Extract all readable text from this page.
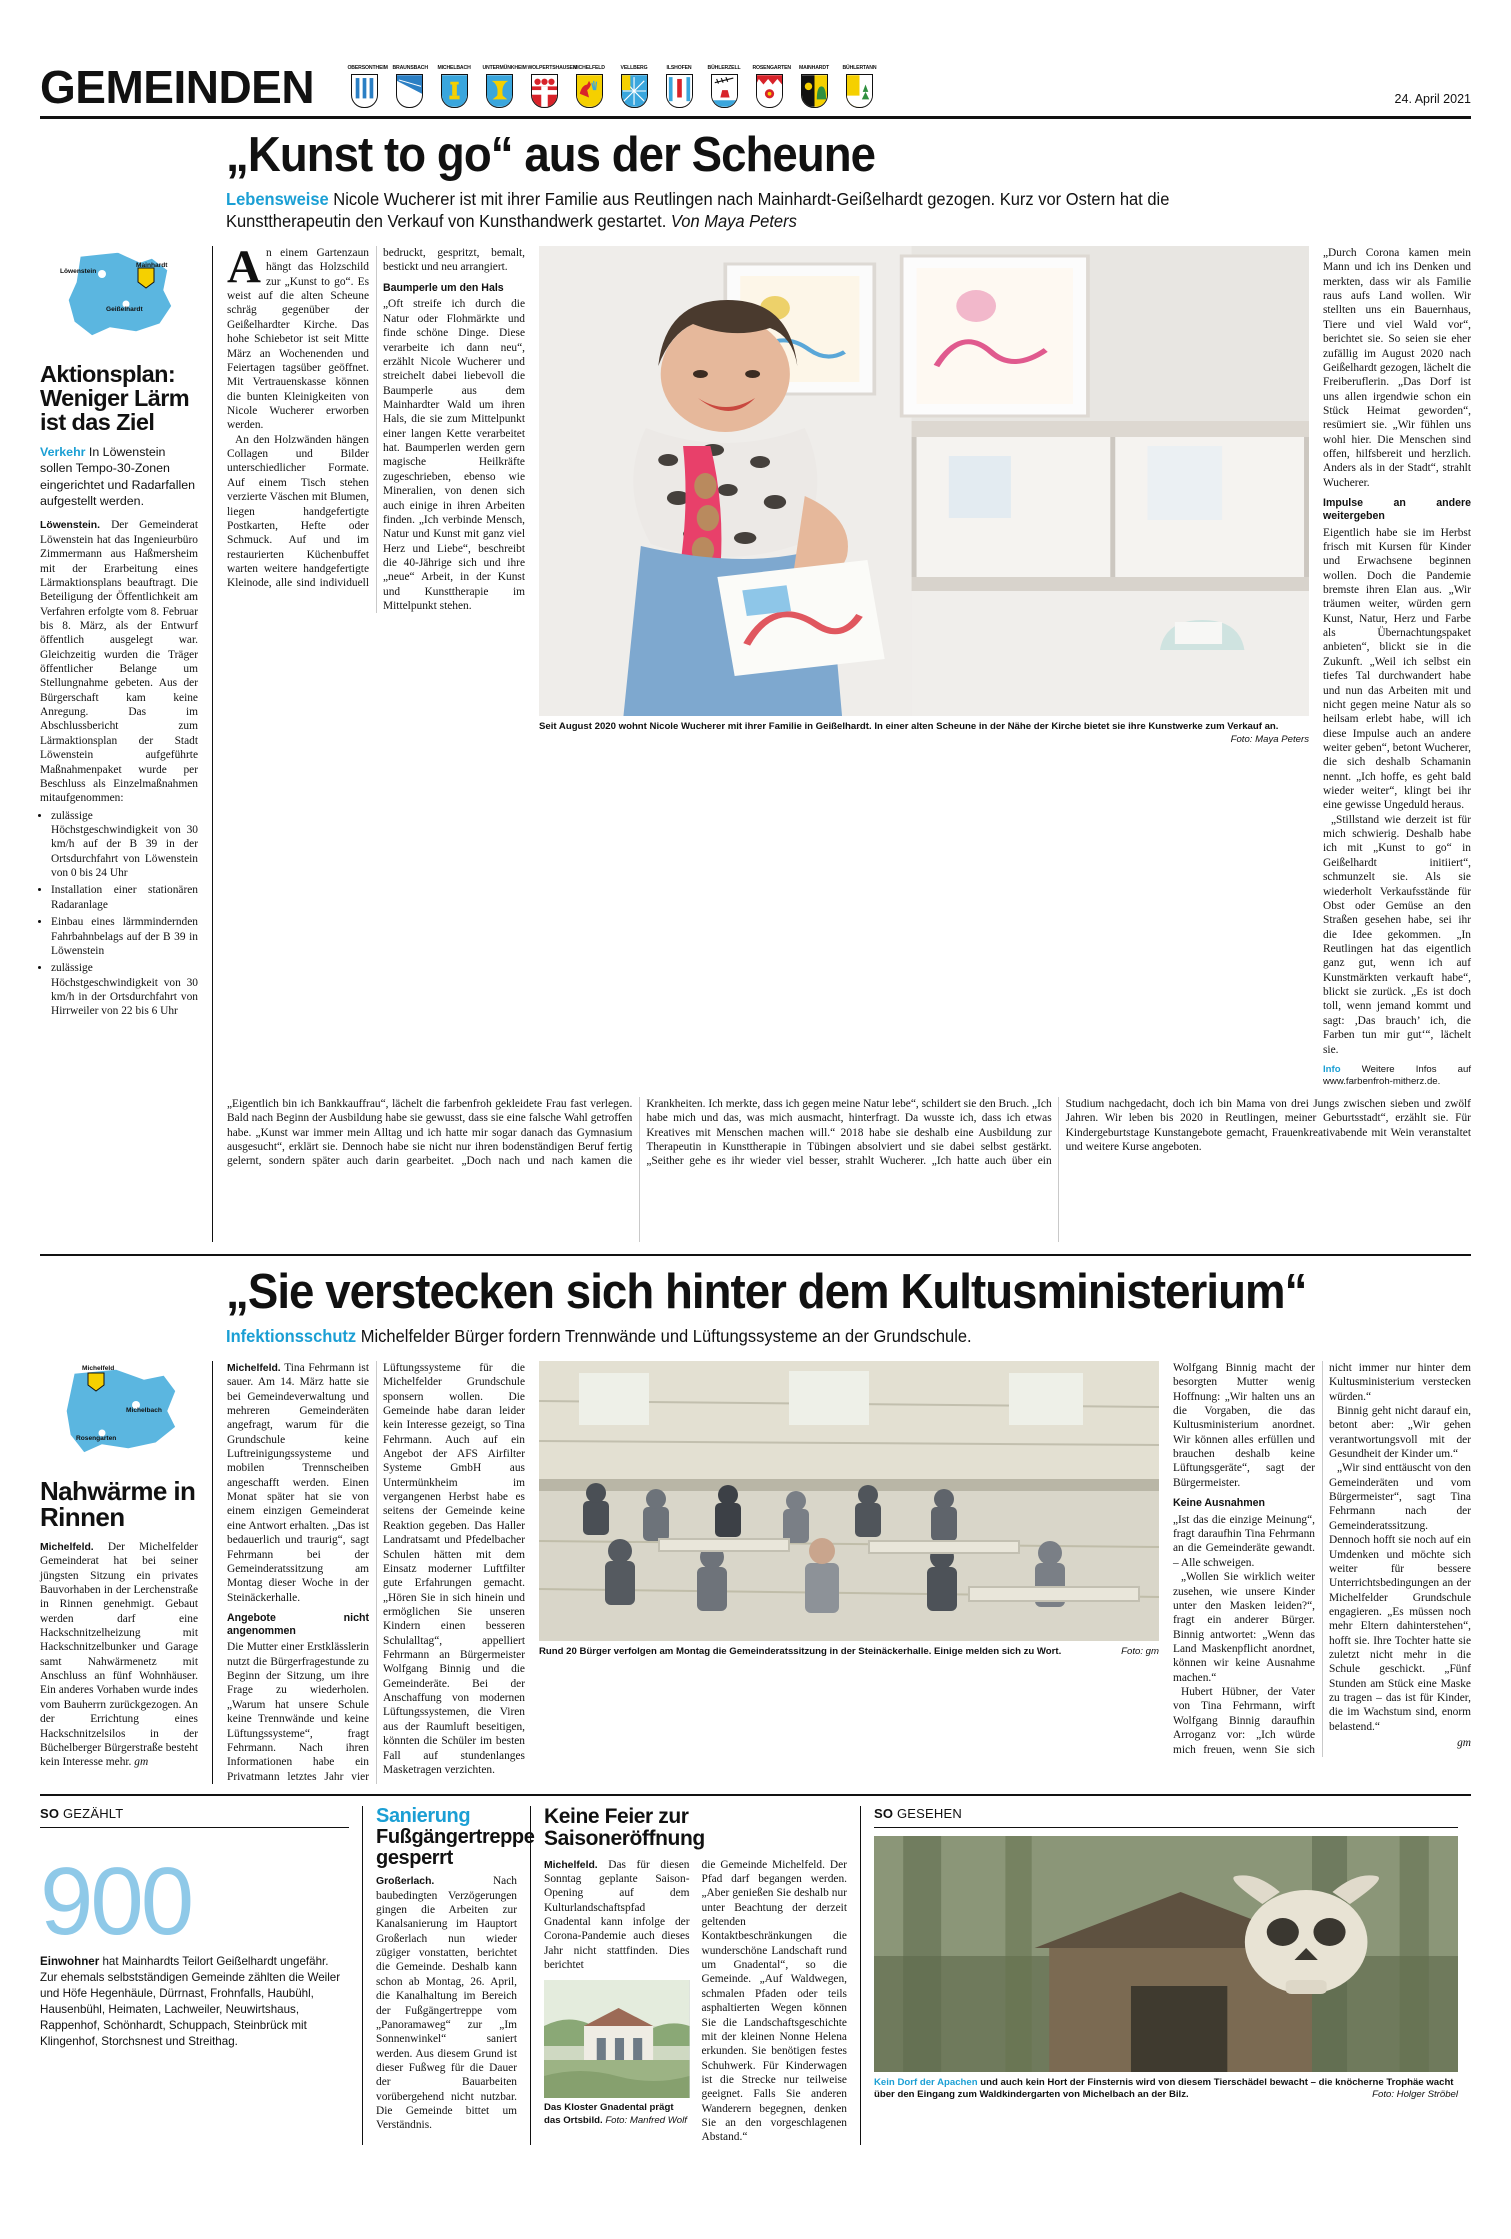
GEMEINDEN	OBERSONTHEIM BRAUNSBACH MICHELBACH UNTERMÜNKHEIM WOLPERTSHAUSEN
MICHELFELD	VELLBERG	ILSHOFEN	BÜHLERZELL ROSENGARTEN MAINHARDT BÜHLERTANN
24. April 2021
„Kunst to go“ aus der Scheune
Lebensweise Nicole Wucherer ist mit ihrer Familie aus Reutlingen nach Mainhardt-Geißelhardt gezogen. Kurz vor Ostern hat die Kunsttherapeutin den Verkauf von Kunsthandwerk gestartet. Von Maya Peters
Löwenstein
Mainhardt
Geißelhardt
Aktionsplan: Weniger Lärm ist das Ziel
Verkehr In Löwenstein sollen Tempo-30-Zonen eingerichtet und Radarfallen aufgestellt werden.

Löwenstein. Der Gemeinderat Löwenstein hat das Ingenieurbüro Zimmermann aus Haßmersheim mit der Erarbeitung eines Lärmaktionsplans beauftragt. Die Beteiligung der Öffentlichkeit am Verfahren erfolgte vom 8. Februar bis 8. März, als der Entwurf öffentlich ausgelegt war. Gleichzeitig wurden die Träger öffentlicher Belange um Stellungnahme gebeten. Aus der Bürgerschaft kam keine Anregung. Das im Abschlussbericht zum Lärmaktionsplan der Stadt Löwenstein aufgeführte Maßnahmenpaket wurde per Beschluss als Einzelmaßnahmen mitaufgenommen:

• zulässige Höchstgeschwindigkeit von 30 km/h auf der B 39 in der Ortsdurchfahrt von Löwenstein von 0 bis 24 Uhr
• Installation einer stationären Radaranlage
• Einbau eines lärmmindernden Fahrbahnbelags auf der B 39 in Löwenstein
• zulässige Höchstgeschwindigkeit von 30 km/h in der Ortsdurchfahrt von Hirrweiler von 22 bis 6 Uhr

An einem Gartenzaun hängt das Holzschild zur „Kunst to go“. Es weist auf die alten Scheune schräg gegenüber der Geißelhardter Kirche. Das hohe Schiebetor ist seit Mitte März an Wochenenden und Feiertagen tagsüber geöffnet. Mit Vertrauenskasse können die bunten Kleinigkeiten von Nicole Wucherer erworben werden.

An den Holzwänden hängen Collagen und Bilder unterschiedlicher Formate. Auf einem Tisch stehen verzierte Väschen mit Blumen, liegen handgefertigte Postkarten, Hefte oder Schmuck. Auf und im restaurierten Küchenbuffet warten weitere handgefertigte Kleinode, alle sind individuell bedruckt, gespritzt, bemalt, bestickt und neu arrangiert.

Baumperle um den Hals

„Oft streife ich durch die Natur oder Flohmärkte und finde schöne Dinge. Diese verarbeite ich dann neu“, erzählt Nicole Wucherer und streichelt dabei liebevoll die Baumperle aus dem Mainhardter Wald um ihren Hals, die sie zum Mittelpunkt einer langen Kette verarbeitet hat. Baumperlen werden gern magische Heilkräfte zugeschrieben, ebenso wie Mineralien, von denen sich auch einige in ihren Arbeiten finden. „Ich verbinde Mensch, Natur und Kunst mit ganz viel Herz und Liebe“, beschreibt die 40-Jährige sich und ihre „neue“ Arbeit, in der Kunst und Kunsttherapie im Mittelpunkt stehen.

Seit August 2020 wohnt Nicole Wucherer mit ihrer Familie in Geißelhardt. In einer alten Scheune in der Nähe der Kirche bietet sie ihre Kunstwerke zum Verkauf an.
Foto: Maya Peters

„Durch Corona kamen mein Mann und ich ins Denken und merkten, dass wir als Familie raus aufs Land wollen. Wir stellten uns ein Bauernhaus, Tiere und viel Wald vor“, berichtet sie. So seien sie eher zufällig im August 2020 nach Geißelhardt gezogen, lächelt die Freiberuflerin. „Das Dorf ist uns allen irgendwie schon ein Stück Heimat geworden“, resümiert sie. „Wir fühlen uns wohl hier. Die Menschen sind offen, hilfsbereit und herzlich. Anders als in der Stadt“, strahlt Wucherer.

Impulse an andere weitergeben

Eigentlich habe sie im Herbst frisch mit Kursen für Kinder und Erwachsene beginnen wollen. Doch die Pandemie bremste ihren Elan aus. „Wir träumen weiter, würden gern Kunst, Natur, Herz und Farbe als Übernachtungspaket anbieten“, blickt sie in die Zukunft. „Weil ich selbst ein tiefes Tal durchwandert habe und nun das Arbeiten mit und nicht gegen meine Natur als so heilsam erlebt habe, will ich diese Impulse auch an andere weiter geben“, betont Wucherer, die sich deshalb Schamanin nennt. „Ich hoffe, es geht bald wieder weiter“, klingt bei ihr eine gewisse Ungeduld heraus.

„Stillstand wie derzeit ist für mich schwierig. Deshalb habe ich mit „Kunst to go“ in Geißelhardt initiiert“, schmunzelt sie. Als sie wiederholt Verkaufsstände für Obst oder Gemüse an den Straßen gesehen habe, sei ihr die Idee gekommen. „In Reutlingen hat das eigentlich ganz gut, wenn ich auf Kunstmärkten verkauft habe“, blickt sie zurück. „Es ist doch toll, wenn jemand kommt und sagt: ,Das brauch’ ich, die Farben tun mir gut‘“, lächelt sie.

Info Weitere Infos auf www.farbenfroh-mitherz.de.

„Eigentlich bin ich Bankkauffrau“, lächelt die farbenfroh gekleidete Frau fast verlegen. Bald nach Beginn der Ausbildung habe sie gewusst, dass sie eine falsche Wahl getroffen habe. „Kunst war immer mein Alltag und ich hatte mir sogar danach das Gymnasium ausgesucht“, erklärt sie. Dennoch habe sie nicht nur ihren bodenständigen Beruf fertig gelernt, sondern später auch darin gearbeitet. „Doch nach und nach kamen die Krankheiten. Ich merkte, dass ich gegen meine Natur lebe“, schildert sie den Bruch. „Ich habe mich und das, was mich ausmacht, hinterfragt. Da wusste ich, dass ich etwas Kreatives mit Menschen machen will.“ 2018 habe sie deshalb eine Ausbildung zur Therapeutin in Kunsttherapie in Tübingen absolviert und sie dabei selbst gestärkt. „Seither gehe es ihr wieder viel besser, strahlt Wucherer. „Ich hatte auch über ein Studium nachgedacht, doch ich bin Mama von drei Jungs zwischen sieben und zwölf Jahren. Wir leben bis 2020 in Reutlingen, meiner Geburtsstadt“, erzählt sie. Für Kindergeburtstage Kunstangebote gemacht, Frauenkreativabende mit Wein veranstaltet und weitere Kurse angeboten.

„Sie verstecken sich hinter dem Kultusministerium“
Infektionsschutz Michelfelder Bürger fordern Trennwände und Lüftungssysteme an der Grundschule.
Michelfeld
Michelbach
Rosengarten
Nahwärme in Rinnen

Michelfeld. Der Michelfelder Gemeinderat hat bei seiner jüngsten Sitzung ein privates Bauvorhaben in der Lerchenstraße in Rinnen genehmigt. Gebaut werden darf eine Hackschnitzelheizung mit Hackschnitzelbunker und Garage samt Nahwärmenetz mit Anschluss an fünf Wohnhäuser. Ein anderes Vorhaben wurde indes vom Bauherrn zurückgezogen. An der Errichtung eines Hackschnitzelsilos in der Büchelberger Bürgerstraße besteht kein Interesse mehr. gm

Michelfeld. Tina Fehrmann ist sauer. Am 14. März hatte sie bei Gemeindeverwaltung und mehreren Gemeinderäten angefragt, warum für die Grundschule keine Luftreinigungssysteme und mobilen Trennscheiben angeschafft werden. Einen Monat später hat sie von einem einzigen Gemeinderat eine Antwort erhalten. „Das ist bedauerlich und traurig“, sagt Fehrmann bei der Gemeinderatssitzung am Montag dieser Woche in der Steinäckerhalle.

Angebote nicht angenommen

Die Mutter einer Erstklässlerin nutzt die Bürgerfragestunde zu Beginn der Sitzung, um ihre Frage zu wiederholen. „Warum hat unsere Schule keine Trennwände und keine Lüftungssysteme“, fragt Fehrmann. Nach ihren Informationen habe ein Privatmann letztes Jahr vier Lüftungssysteme für die Michelfelder Grundschule sponsern wollen. Die Gemeinde habe daran leider kein Interesse gezeigt, so Tina Fehrmann. Auch auf ein Angebot der AFS Airfilter Systeme GmbH aus Untermünkheim im vergangenen Herbst habe es seitens der Gemeinde keine Reaktion gegeben. Das Haller Landratsamt und Pfedelbacher Schulen hätten mit dem Einsatz moderner Luftfilter gute Erfahrungen gemacht. „Hören Sie in sich hinein und ermöglichen Sie unseren Kindern einen besseren Schulalltag“, appelliert Fehrmann an Bürgermeister Wolfgang Binnig und die Gemeinderäte. Bei der Anschaffung von modernen Lüftungssystemen, die Viren aus der Raumluft beseitigen, könnten die Schüler im besten Fall auf stundenlanges Masketragen verzichten.

Rund 20 Bürger verfolgen am Montag die Gemeinderatssitzung in der Steinäckerhalle. Einige melden sich zu Wort.	Foto: gm

Wolfgang Binnig macht der besorgten Mutter wenig Hoffnung: „Wir halten uns an die Vorgaben, die das Kultusministerium anordnet. Wir können alles erfüllen und brauchen deshalb keine Lüftungsgeräte“, sagt der Bürgermeister.

Keine Ausnahmen

„Ist das die einzige Meinung“, fragt daraufhin Tina Fehrmann an die Gemeinderäte gewandt. – Alle schweigen.

„Wollen Sie wirklich weiter zusehen, wie unsere Kinder unter den Masken leiden?“, fragt ein anderer Bürger. Binnig antwortet: „Wenn das Land Maskenpflicht anordnet, können wir keine Ausnahme machen.“

Hubert Hübner, der Vater von Tina Fehrmann, wirft Wolfgang Binnig daraufhin Arroganz vor: „Ich würde mich freuen, wenn Sie sich nicht immer nur hinter dem Kultusministerium verstecken würden.“

Binnig geht nicht darauf ein, betont aber: „Wir gehen verantwortungsvoll mit der Gesundheit der Kinder um.“

„Wir sind enttäuscht von den Gemeinderäten und vom Bürgermeister“, sagt Tina Fehrmann nach der Gemeinderatssitzung. Dennoch hofft sie noch auf ein Umdenken und möchte sich weiter für bessere Unterrichtsbedingungen an der Michelfelder Grundschule engagieren. „Es müssen noch mehr Eltern dahinterstehen“, hofft sie. Ihre Tochter hatte sie zuletzt nicht mehr in die Schule geschickt. „Fünf Stunden am Stück eine Maske zu tragen – das ist für Kinder, die im Wachstum sind, enorm belastend.“

gm

SO GEZÄHLT
900
Einwohner hat Mainhardts Teilort Geißelhardt ungefähr. Zur ehemals selbstständigen Gemeinde zählten die Weiler und Höfe Hegenhäule, Dürrnast, Frohnfalls, Haubühl, Hausenbühl, Heimaten, Lachweiler, Neuwirtshaus, Rappenhof, Schönhardt, Schuppach, Steinbrück mit Klingenhof, Storchsnest und Streithag.
Sanierung
Fußgängertreppe gesperrt

Großerlach. Nach baubedingten Verzögerungen gingen die Arbeiten zur Kanalsanierung im Hauptort Großerlach nun wieder zügiger vonstatten, berichtet die Gemeinde. Deshalb kann schon ab Montag, 26. April, die Kanalhaltung im Bereich der Fußgängertreppe vom „Panoramaweg“ zur „Im Sonnenwinkel“ saniert werden. Aus diesem Grund ist dieser Fußweg für die Dauer der Bauarbeiten vorübergehend nicht nutzbar. Die Gemeinde bittet um Verständnis.

Keine Feier zur Saisoneröffnung

Michelfeld. Das für diesen Sonntag geplante Saison-Opening auf dem Kulturlandschaftspfad Gnadental kann infolge der Corona-Pandemie auch dieses Jahr nicht stattfinden. Dies berichtet

Das Kloster Gnadental prägt das Ortsbild. Foto: Manfred Wolf

die Gemeinde Michelfeld. Der Pfad darf begangen werden. „Aber genießen Sie deshalb nur unter Beachtung der derzeit geltenden Kontaktbeschränkungen die wunderschöne Landschaft rund um Gnadental“, so die Gemeinde. „Auf Waldwegen, schmalen Pfaden oder teils asphaltierten Wegen können Sie die Landschaftsgeschichte mit der kleinen Nonne Helena erkunden. Sie benötigen festes Schuhwerk. Für Kinderwagen ist die Strecke nur teilweise geeignet. Falls Sie anderen Wanderern begegnen, denken Sie an den vorgeschlagenen Abstand.“

SO GESEHEN
Kein Dorf der Apachen und auch kein Hort der Finsternis wird von diesem Tierschädel bewacht – die knöcherne Trophäe wacht über den Eingang zum Waldkindergarten von Michelbach an der Bilz.	Foto: Holger Ströbel
